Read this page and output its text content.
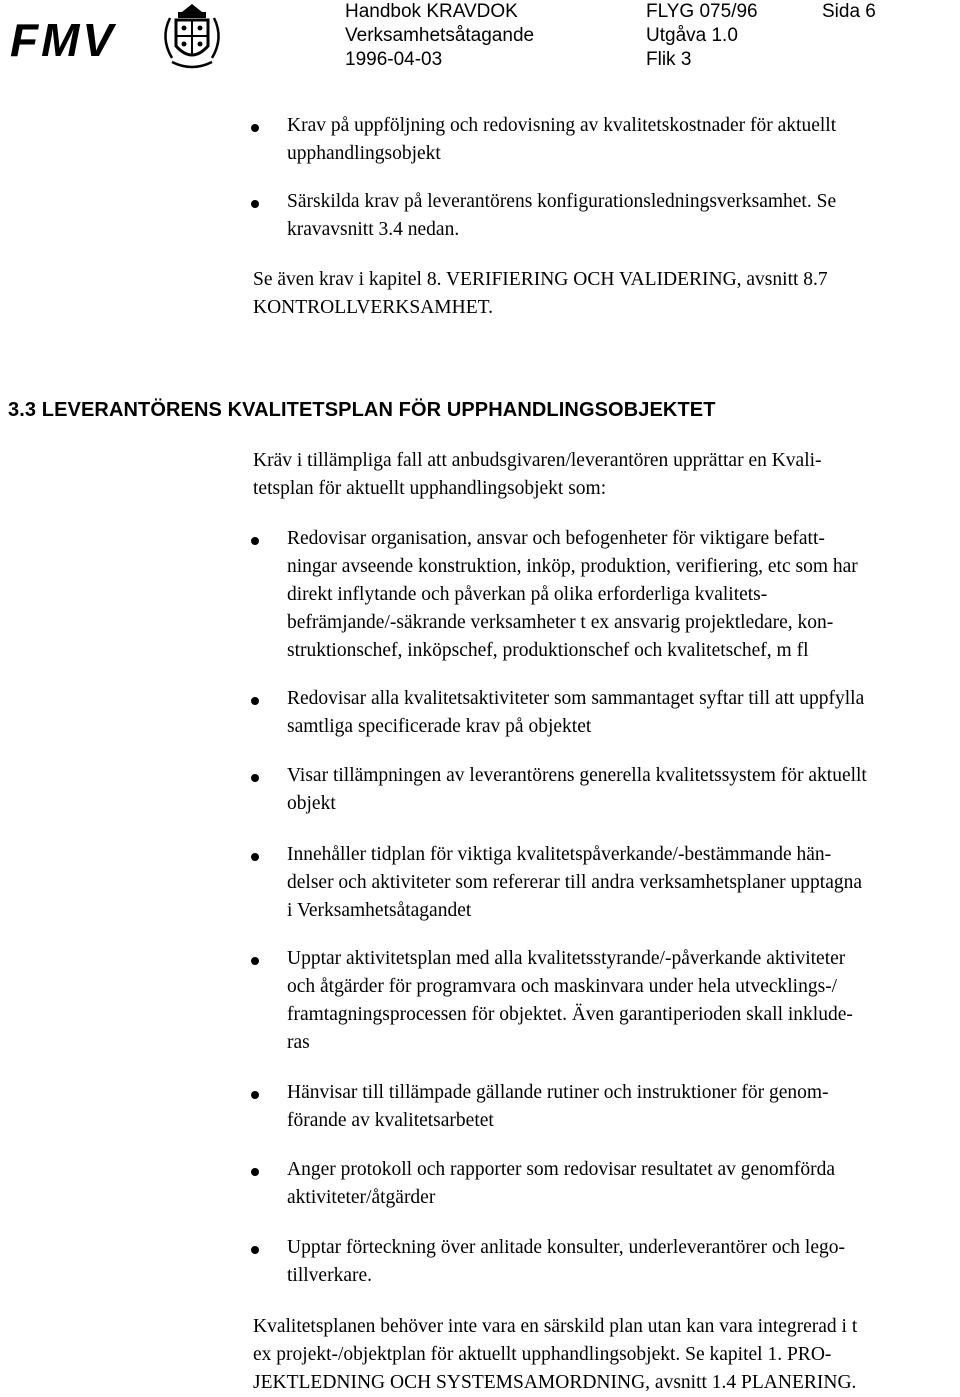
FMV

Handbok KRAVDOK	FLYG 075/96	Sida 6

Verksamhetsåtagande	Utgåva 1.0

1996-04-03	Flik 3

Krav på uppföljning och redovisning av kvalitetskostnader för aktuellt
upphandlingsobjekt

Särskilda krav på leverantörens konfigurationsledningsverksamhet. Se
kravavsnitt 3.4 nedan.

Se även krav i kapitel 8. VERIFIERING OCH VALIDERING, avsnitt 8.7
KONTROLLVERKSAMHET.

3.3 LEVERANTÖRENS KVALITETSPLAN FÖR UPPHANDLINGSOBJEKTET

Kräv i tillämpliga fall att anbudsgivaren/leverantören upprättar en Kvali-
tetsplan för aktuellt upphandlingsobjekt som:

Redovisar organisation, ansvar och befogenheter för viktigare befatt-
ningar avseende konstruktion, inköp, produktion, verifiering, etc som har
direkt inflytande och påverkan på olika erforderliga kvalitets-
befrämjande/-säkrande verksamheter t ex ansvarig projektledare, kon-
struktionschef, inköpschef, produktionschef och kvalitetschef, m fl

Redovisar alla kvalitetsaktiviteter som sammantaget syftar till att uppfylla
samtliga specificerade krav på objektet

Visar tillämpningen av leverantörens generella kvalitetssystem för aktuellt
objekt

Innehåller tidplan för viktiga kvalitetspåverkande/-bestämmande hän-
delser och aktiviteter som refererar till andra verksamhetsplaner upptagna
i Verksamhetsåtagandet

Upptar aktivitetsplan med alla kvalitetsstyrande/-påverkande aktiviteter
och åtgärder för programvara och maskinvara under hela utvecklings-/
framtagningsprocessen för objektet. Även garantiperioden skall inklude-
ras

Hänvisar till tillämpade gällande rutiner och instruktioner för genom-
förande av kvalitetsarbetet

Anger protokoll och rapporter som redovisar resultatet av genomförda
aktiviteter/åtgärder

Upptar förteckning över anlitade konsulter, underleverantörer och lego-
tillverkare.

Kvalitetsplanen behöver inte vara en särskild plan utan kan vara integrerad i t
ex projekt-/objektplan för aktuellt upphandlingsobjekt. Se kapitel 1. PRO-
JEKTLEDNING OCH SYSTEMSAMORDNING, avsnitt 1.4 PLANERING.
